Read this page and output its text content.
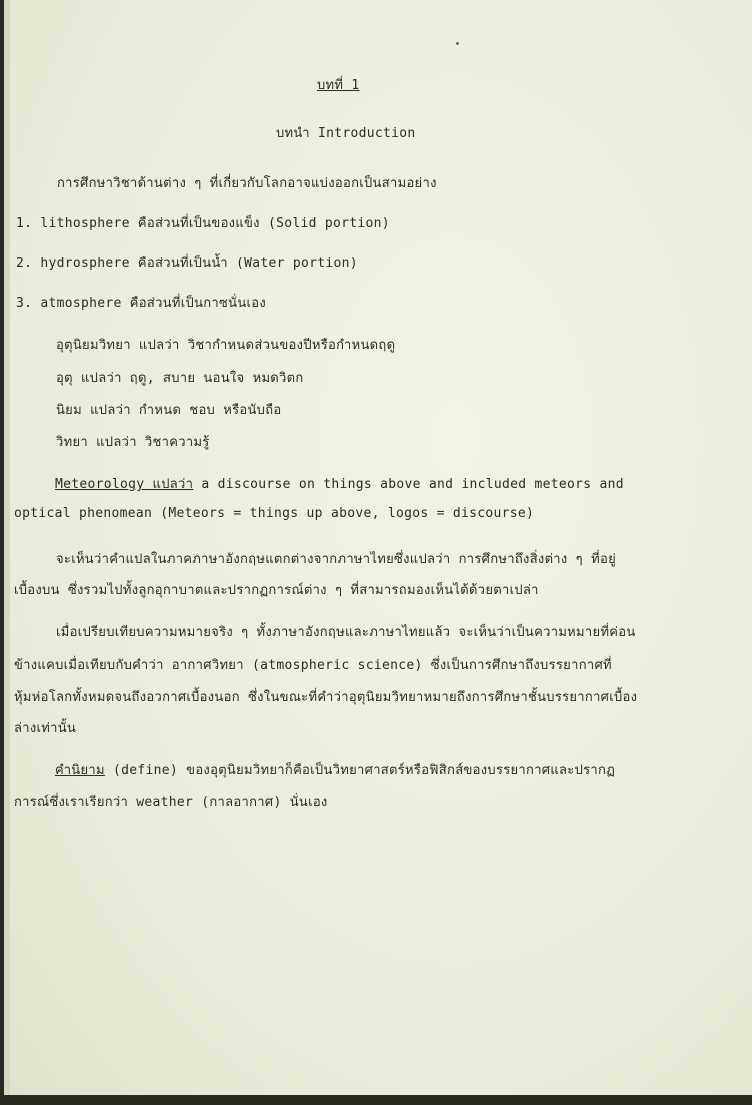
บทที่ 1
บทนำ Introduction
การศึกษาวิชาด้านต่าง ๆ ที่เกี่ยวกับโลกอาจแบ่งออกเป็นสามอย่าง
1. lithosphere คือส่วนที่เป็นของแข็ง (Solid portion)
2. hydrosphere คือส่วนที่เป็นน้ำ (Water portion)
3. atmosphere คือส่วนที่เป็นกาซนั่นเอง
อุตุนิยมวิทยา แปลว่า วิชากำหนดส่วนของปีหรือกำหนดฤดู
อุตุ แปลว่า ฤดู, สบาย นอนใจ หมดวิตก
นิยม แปลว่า กำหนด ชอบ หรือนับถือ
วิทยา แปลว่า วิชาความรู้
Meteorology แปลว่า a discourse on things above and included meteors and
optical phenomean (Meteors = things up above, logos = discourse)
จะเห็นว่าคำแปลในภาคภาษาอังกฤษแตกต่างจากภาษาไทยซึ่งแปลว่า การศึกษาถึงสิ่งต่าง ๆ ที่อยู่
เบื้องบน ซึ่งรวมไปทั้งลูกอุกาบาตและปรากฏการณ์ต่าง ๆ ที่สามารถมองเห็นได้ด้วยตาเปล่า
เมื่อเปรียบเทียบความหมายจริง ๆ ทั้งภาษาอังกฤษและภาษาไทยแล้ว จะเห็นว่าเป็นความหมายที่ค่อน
ข้างแคบเมื่อเทียบกับคำว่า อากาศวิทยา (atmospheric science) ซึ่งเป็นการศึกษาถึงบรรยากาศที่
หุ้มห่อโลกทั้งหมดจนถึงอวกาศเบื้องนอก ซึ่งในขณะที่คำว่าอุตุนิยมวิทยาหมายถึงการศึกษาชั้นบรรยากาศเบื้อง
ล่างเท่านั้น
คำนิยาม (define) ของอุตุนิยมวิทยาก็คือเป็นวิทยาศาสตร์หรือฟิสิกส์ของบรรยากาศและปรากฏ
การณ์ซึ่งเราเรียกว่า weather (กาลอากาศ) นั่นเอง
